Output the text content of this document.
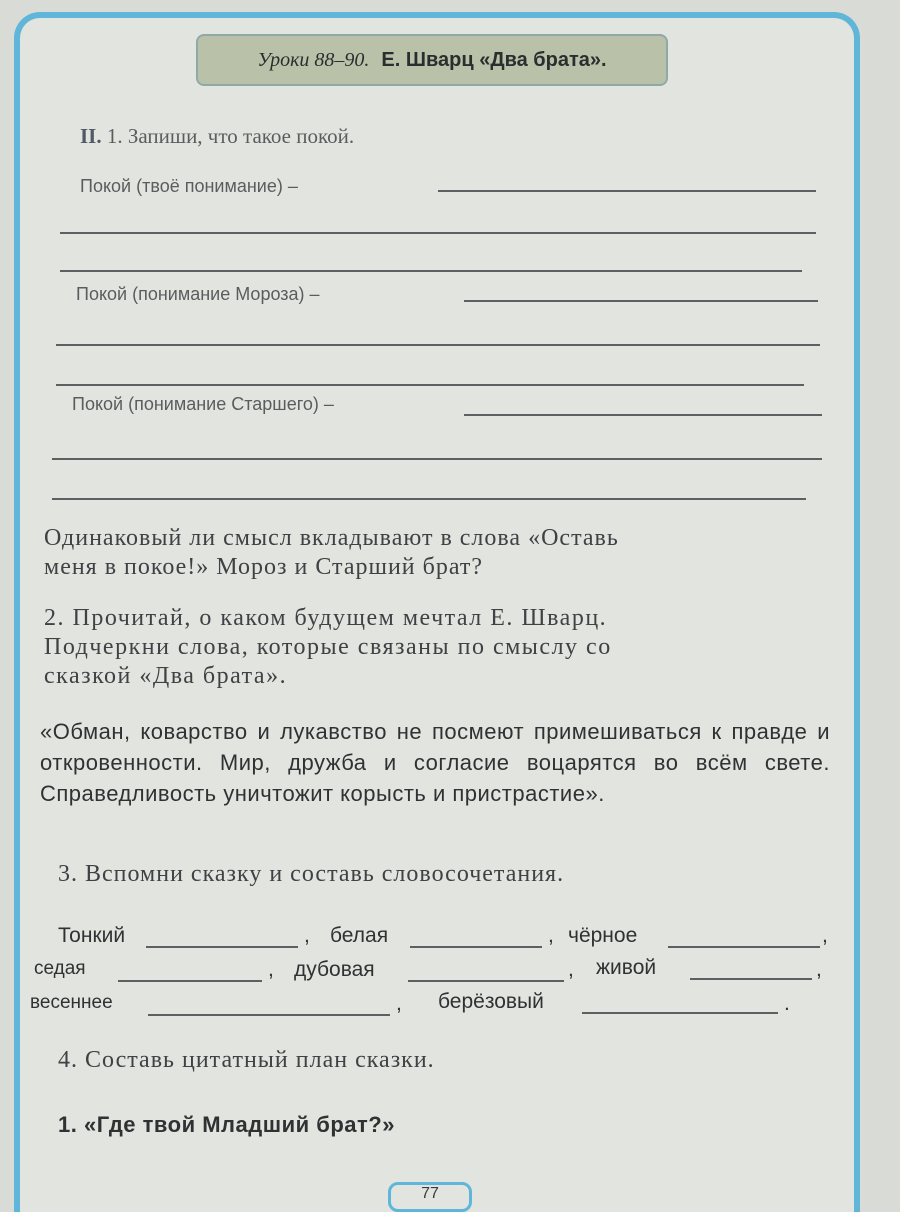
Уроки 88–90. Е. Шварц «Два брата».
II. 1. Запиши, что такое покой.
Покой (твоё понимание) –
Покой (понимание Мороза) –
Покой (понимание Старшего) –
Одинаковый ли смысл вкладывают в слова «Оставь
меня в покое!» Мороз и Старший брат?
2. Прочитай, о каком будущем мечтал Е. Шварц.
Подчеркни слова, которые связаны по смыслу со
сказкой «Два брата».
«Обман, коварство и лукавство не посмеют примешиваться к правде и откровенности. Мир, дружба и согласие воцарятся во всём свете. Справедливость уничтожит корысть и пристрастие».
3. Вспомни сказку и составь словосочетания.
Тонкий	, белая	, чёрное	,
седая	, дубовая	, живой	,
весеннее	, берёзовый	.
4. Составь цитатный план сказки.
1. «Где твой Младший брат?»
77
